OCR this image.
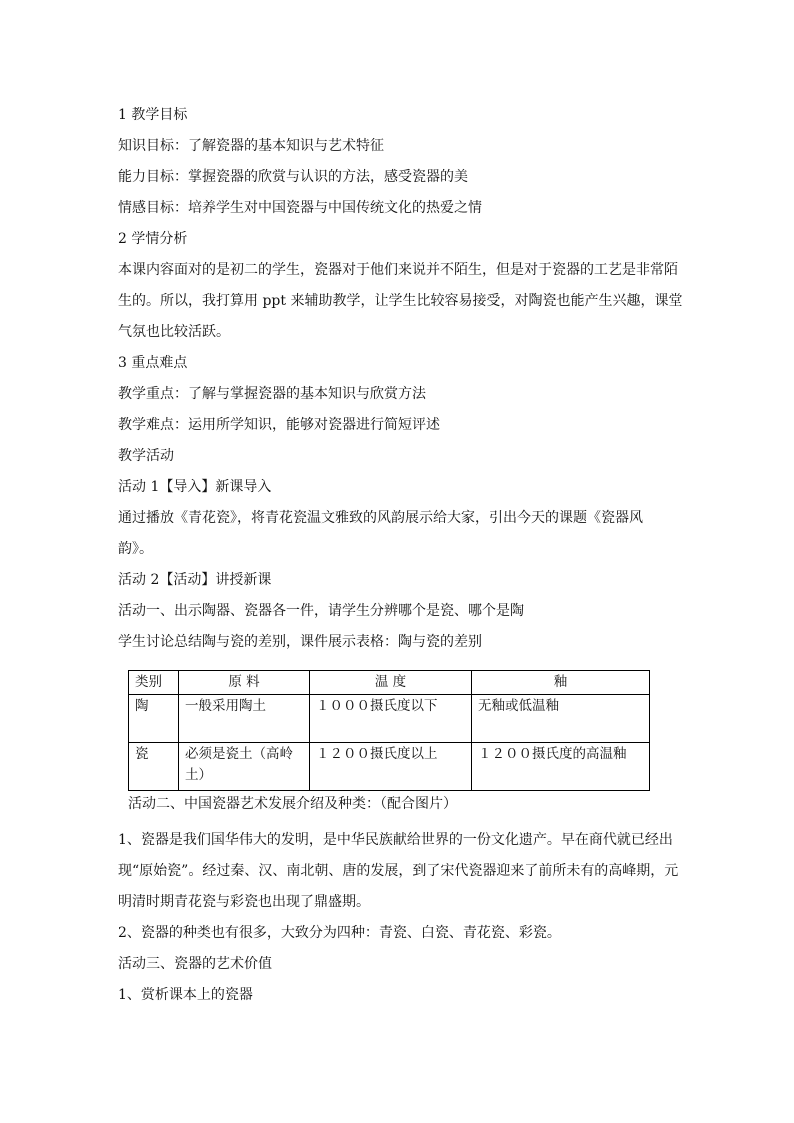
1 教学目标

知识目标：了解瓷器的基本知识与艺术特征

能力目标：掌握瓷器的欣赏与认识的方法，感受瓷器的美

情感目标：培养学生对中国瓷器与中国传统文化的热爱之情

2 学情分析

本课内容面对的是初二的学生，瓷器对于他们来说并不陌生，但是对于瓷器的工艺是非常陌

生的。所以，我打算用 ppt 来辅助教学，让学生比较容易接受，对陶瓷也能产生兴趣，课堂

气氛也比较活跃。

3 重点难点

教学重点：了解与掌握瓷器的基本知识与欣赏方法

教学难点：运用所学知识，能够对瓷器进行简短评述

教学活动

活动 1【导入】新课导入

通过播放《青花瓷》，将青花瓷温文雅致的风韵展示给大家，引出今天的课题《瓷器风

韵》。

活动 2【活动】讲授新课

活动一、出示陶器、瓷器各一件，请学生分辨哪个是瓷、哪个是陶

学生讨论总结陶与瓷的差别，课件展示表格：陶与瓷的差别

类别	原 料	温 度	釉
陶	一般采用陶土	１０００摄氏度以下	无釉或低温釉
瓷	必须是瓷土（高岭土）	１２００摄氏度以上	１２００摄氏度的高温釉

活动二、中国瓷器艺术发展介绍及种类：（配合图片）

1、瓷器是我们国华伟大的发明，是中华民族献给世界的一份文化遗产。早在商代就已经出

现“原始瓷”。经过秦、汉、南北朝、唐的发展，到了宋代瓷器迎来了前所未有的高峰期，元

明清时期青花瓷与彩瓷也出现了鼎盛期。

2、瓷器的种类也有很多，大致分为四种：青瓷、白瓷、青花瓷、彩瓷。

活动三、瓷器的艺术价值

1、赏析课本上的瓷器
